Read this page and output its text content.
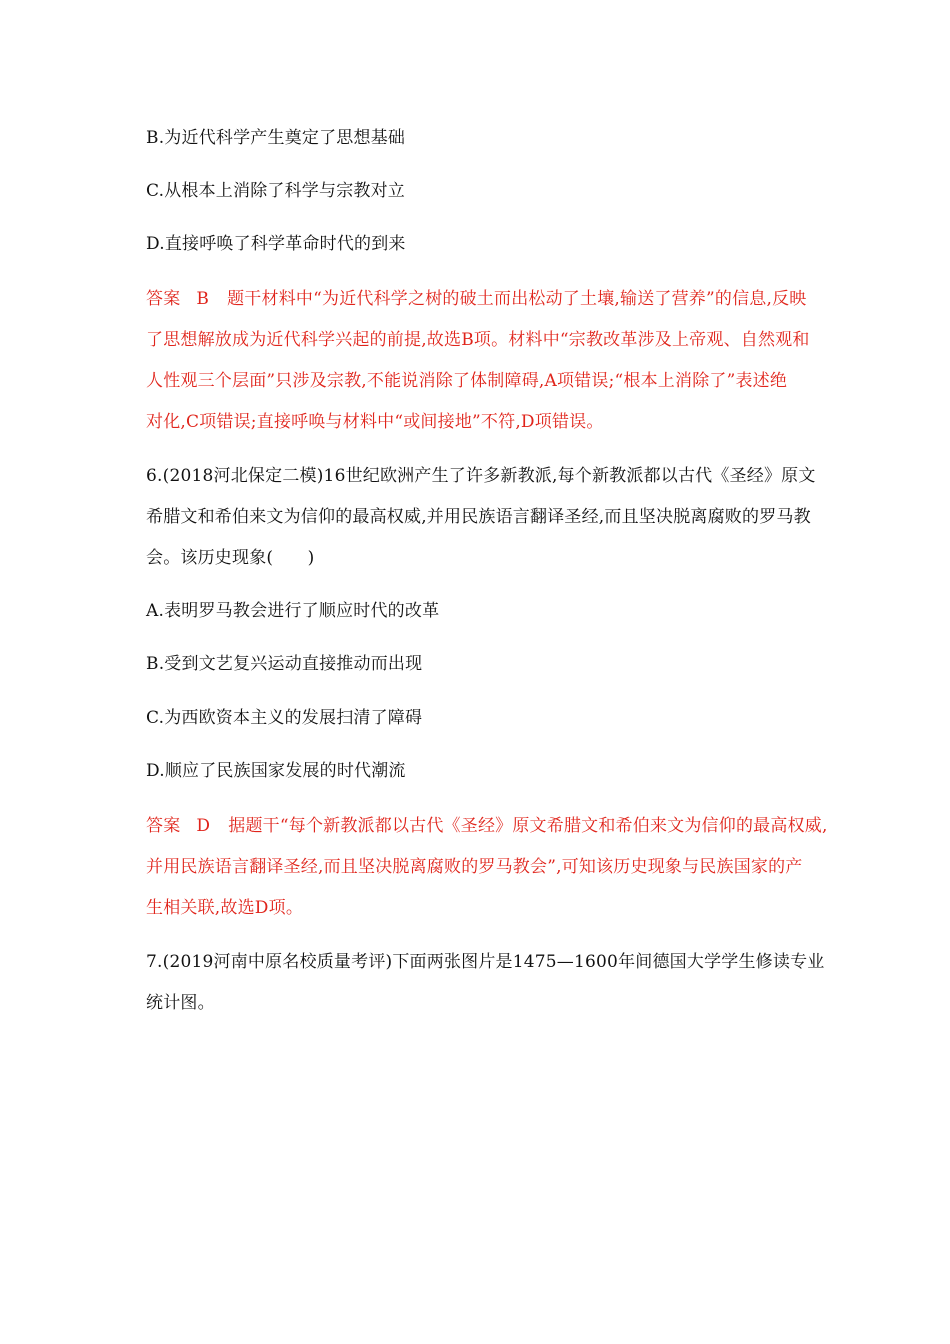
B.为近代科学产生奠定了思想基础
C.从根本上消除了科学与宗教对立
D.直接呼唤了科学革命时代的到来
答案 B 题干材料中“为近代科学之树的破土而出松动了土壤,输送了营养”的信息,反映
了思想解放成为近代科学兴起的前提,故选B项。材料中“宗教改革涉及上帝观、自然观和
人性观三个层面”只涉及宗教,不能说消除了体制障碍,A项错误;“根本上消除了”表述绝
对化,C项错误;直接呼唤与材料中“或间接地”不符,D项错误。
6.(2018河北保定二模)16世纪欧洲产生了许多新教派,每个新教派都以古代《圣经》原文
希腊文和希伯来文为信仰的最高权威,并用民族语言翻译圣经,而且坚决脱离腐败的罗马教
会。该历史现象(　　)
A.表明罗马教会进行了顺应时代的改革
B.受到文艺复兴运动直接推动而出现
C.为西欧资本主义的发展扫清了障碍
D.顺应了民族国家发展的时代潮流
答案 D 据题干“每个新教派都以古代《圣经》原文希腊文和希伯来文为信仰的最高权威,
并用民族语言翻译圣经,而且坚决脱离腐败的罗马教会”,可知该历史现象与民族国家的产
生相关联,故选D项。
7.(2019河南中原名校质量考评)下面两张图片是1475—1600年间德国大学学生修读专业
统计图。
